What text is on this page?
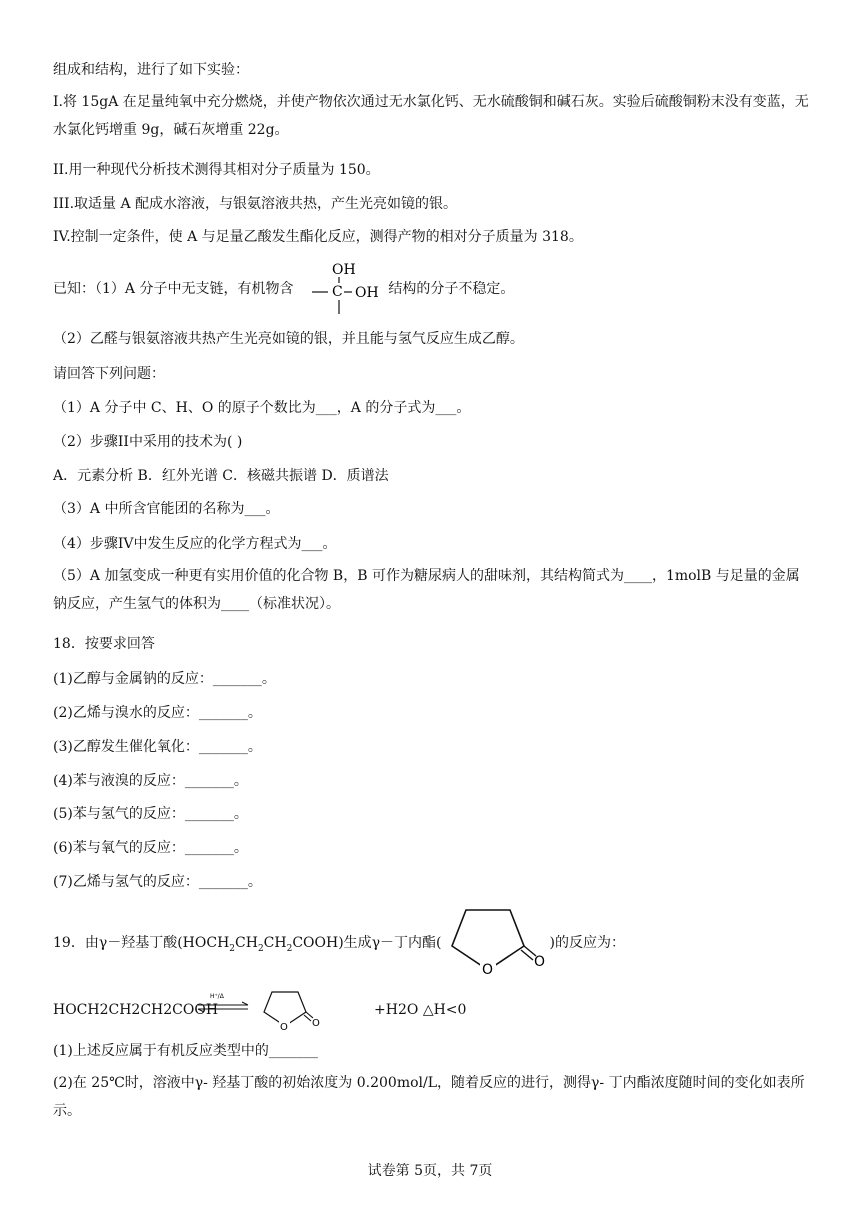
组成和结构，进行了如下实验：
I.将 15gA 在足量纯氧中充分燃烧，并使产物依次通过无水氯化钙、无水硫酸铜和碱石灰。实验后硫酸铜粉末没有变蓝，无水氯化钙增重 9g，碱石灰增重 22g。
II.用一种现代分析技术测得其相对分子质量为 150。
III.取适量 A 配成水溶液，与银氨溶液共热，产生光亮如镜的银。
IV.控制一定条件，使 A 与足量乙酸发生酯化反应，测得产物的相对分子质量为 318。
已知：（1）A 分子中无支链，有机物含	结构的分子不稳定。
OH
C OH
（2）乙醛与银氨溶液共热产生光亮如镜的银，并且能与氢气反应生成乙醇。
请回答下列问题：
（1）A 分子中 C、H、O 的原子个数比为___，A 的分子式为___。
（2）步骤II中采用的技术为( )
A．元素分析 B．红外光谱 C．核磁共振谱 D．质谱法
（3）A 中所含官能团的名称为___。
（4）步骤IV中发生反应的化学方程式为___。
（5）A 加氢变成一种更有实用价值的化合物 B，B 可作为糖尿病人的甜味剂，其结构简式为____，1molB 与足量的金属钠反应，产生氢气的体积为____（标准状况）。
18．按要求回答
(1)乙醇与金属钠的反应：_______。
(2)乙烯与溴水的反应：_______。
(3)乙醇发生催化氧化：_______。
(4)苯与液溴的反应：_______。
(5)苯与氢气的反应：_______。
(6)苯与氧气的反应：_______。
(7)乙烯与氢气的反应：_______。
19．由γ－羟基丁酸$(HOCH_2CH_2CH_2COOH)$生成γ－丁内酯(	)的反应为：
O	O
HOCH2CH2CH2COOH	+H2O △H<0
H⁺/Δ
O O
(1)上述反应属于有机反应类型中的_______
(2)在 25℃时，溶液中γ- 羟基丁酸的初始浓度为 0.200mol/L，随着反应的进行，测得γ- 丁内酯浓度随时间的变化如表所示。
试卷第 5页，共 7页
